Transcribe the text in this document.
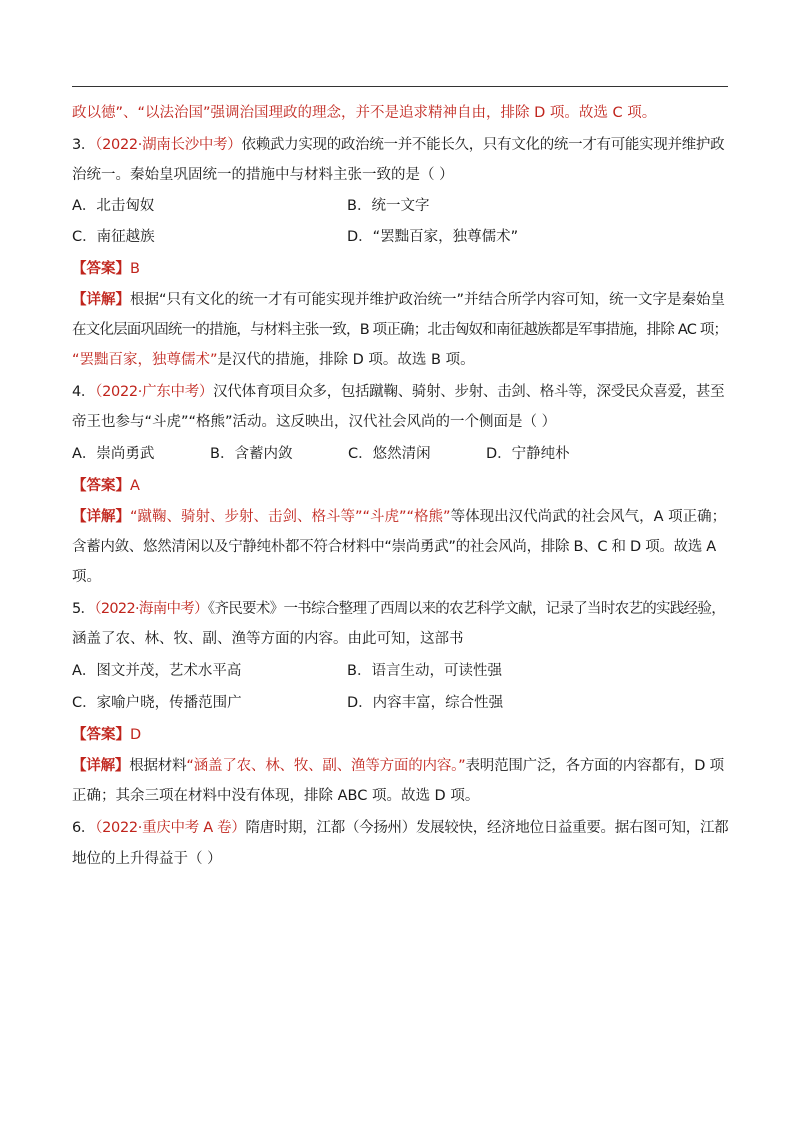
政以德”、“以法治国”强调治国理政的理念，并不是追求精神自由，排除 D 项。故选 C 项。
3．（2022·湖南长沙中考）依赖武力实现的政治统一并不能长久，只有文化的统一才有可能实现并维护政
治统一。秦始皇巩固统一的措施中与材料主张一致的是（ ）
A．北击匈奴	B．统一文字
C．南征越族	D．“罢黜百家，独尊儒术”
【答案】B
【详解】根据“只有文化的统一才有可能实现并维护政治统一”并结合所学内容可知，统一文字是秦始皇
在文化层面巩固统一的措施，与材料主张一致，B 项正确；北击匈奴和南征越族都是军事措施，排除 AC 项；
“罢黜百家，独尊儒术”是汉代的措施，排除 D 项。故选 B 项。
4．（2022·广东中考）汉代体育项目众多，包括蹴鞠、骑射、步射、击剑、格斗等，深受民众喜爱，甚至
帝王也参与“斗虎”“格熊”活动。这反映出，汉代社会风尚的一个侧面是（ ）
A．崇尚勇武	B．含蓄内敛	C．悠然清闲	D．宁静纯朴
【答案】A
【详解】“蹴鞠、骑射、步射、击剑、格斗等”“斗虎”“格熊”等体现出汉代尚武的社会风气，A 项正确；
含蓄内敛、悠然清闲以及宁静纯朴都不符合材料中“崇尚勇武”的社会风尚，排除 B、C 和 D 项。故选 A
项。
5．（2022·海南中考）《齐民要术》一书综合整理了西周以来的农艺科学文献，记录了当时农艺的实践经验，
涵盖了农、林、牧、副、渔等方面的内容。由此可知，这部书
A．图文并茂，艺术水平高	B．语言生动，可读性强
C．家喻户晓，传播范围广	D．内容丰富，综合性强
【答案】D
【详解】根据材料“涵盖了农、林、牧、副、渔等方面的内容。”表明范围广泛，各方面的内容都有，D 项
正确；其余三项在材料中没有体现，排除 ABC 项。故选 D 项。
6．（2022·重庆中考 A 卷）隋唐时期，江都（今扬州）发展较快，经济地位日益重要。据右图可知，江都
地位的上升得益于（ ）
